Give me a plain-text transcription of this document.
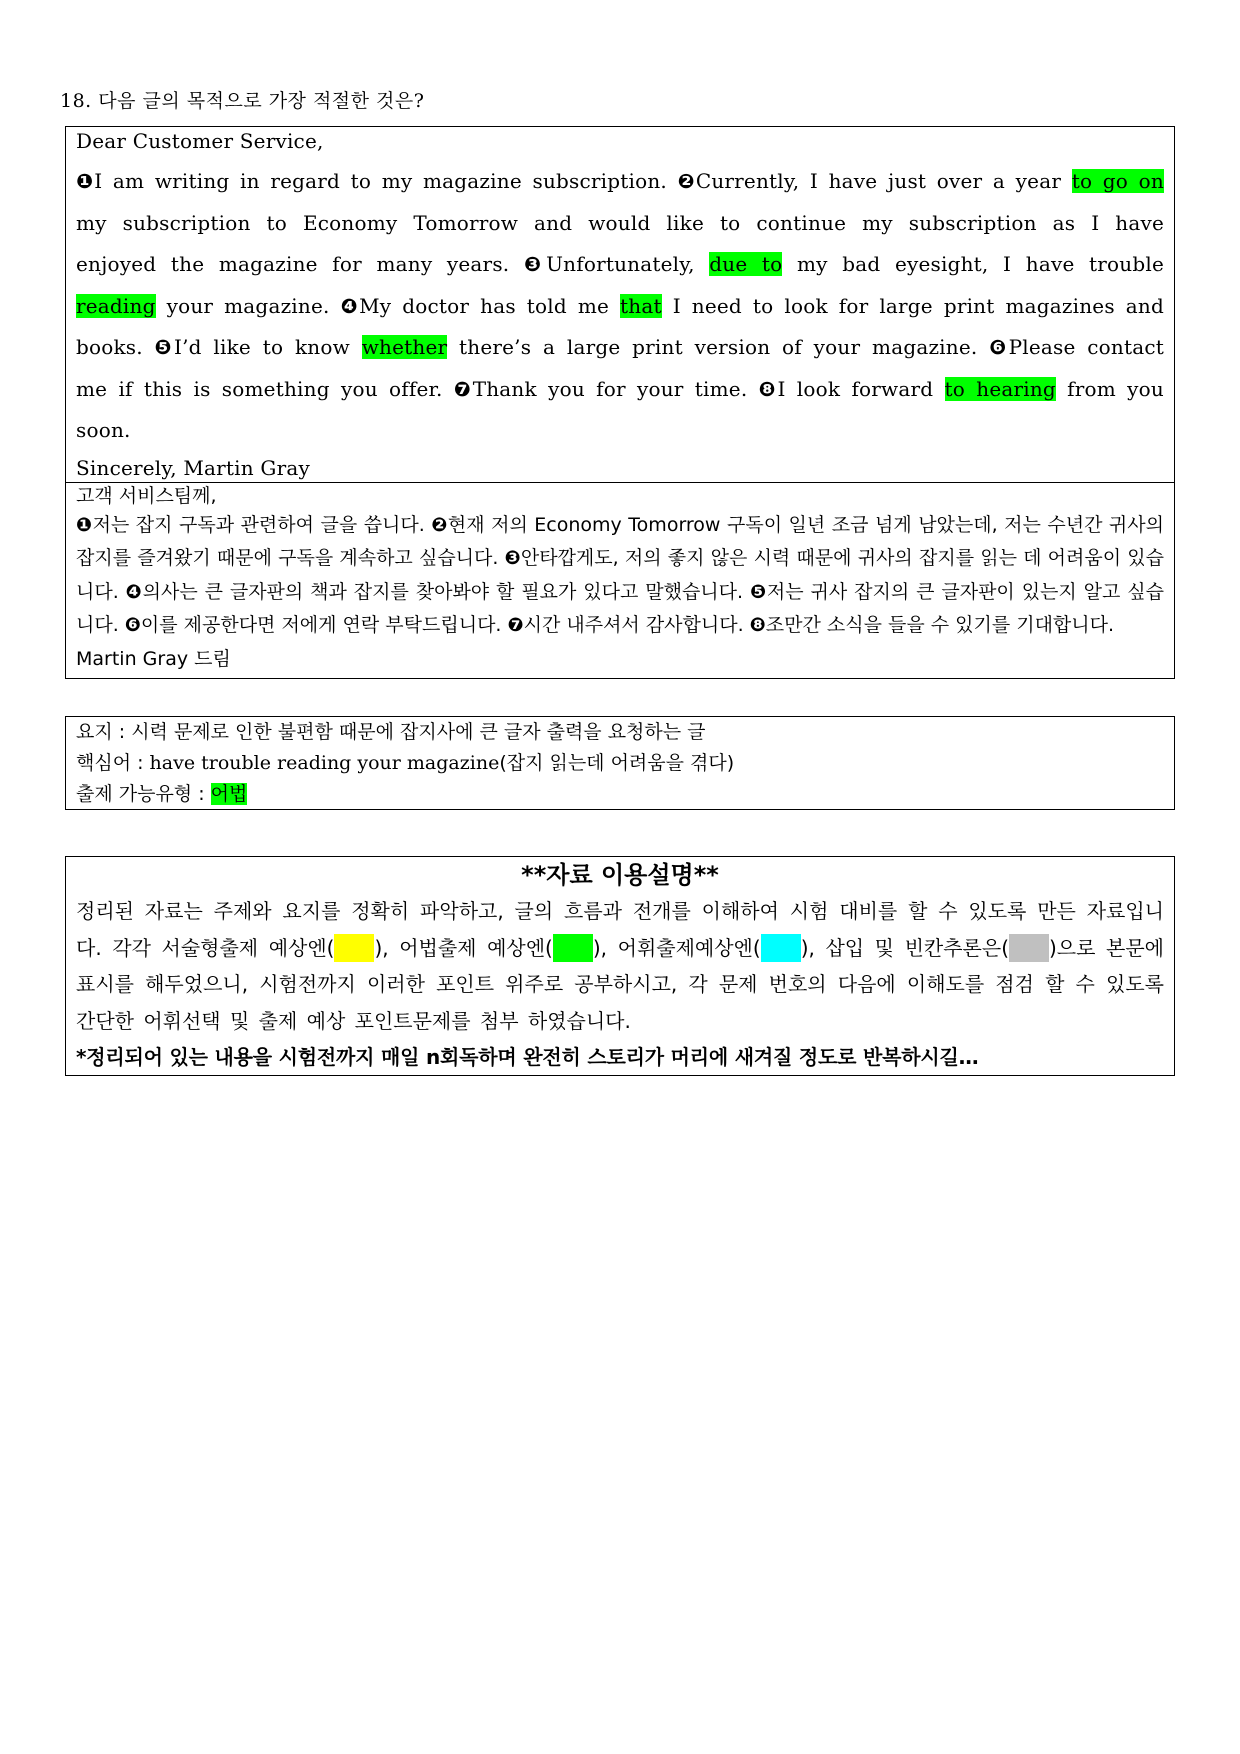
18. 다음 글의 목적으로 가장 적절한 것은?
Dear Customer Service,
❶I am writing in regard to my magazine subscription. ❷Currently, I have just over a year to go on my subscription to Economy Tomorrow and would like to continue my subscription as I have enjoyed the magazine for many years. ❸Unfortunately, due to my bad eyesight, I have trouble reading your magazine. ❹My doctor has told me that I need to look for large print magazines and books. ❺I’d like to know whether there’s a large print version of your magazine. ❻Please contact me if this is something you offer. ❼Thank you for your time. ❽I look forward to hearing from you soon.
Sincerely, Martin Gray
고객 서비스팀께,
❶저는 잡지 구독과 관련하여 글을 씁니다. ❷현재 저의 Economy Tomorrow 구독이 일년 조금 넘게 남았는데, 저는 수년간 귀사의 잡지를 즐겨왔기 때문에 구독을 계속하고 싶습니다. ❸안타깝게도, 저의 좋지 않은 시력 때문에 귀사의 잡지를 읽는 데 어려움이 있습니다. ❹의사는 큰 글자판의 책과 잡지를 찾아봐야 할 필요가 있다고 말했습니다. ❺저는 귀사 잡지의 큰 글자판이 있는지 알고 싶습니다. ❻이를 제공한다면 저에게 연락 부탁드립니다. ❼시간 내주셔서 감사합니다. ❽조만간 소식을 들을 수 있기를 기대합니다.
Martin Gray 드림
요지 : 시력 문제로 인한 불편함 때문에 잡지사에 큰 글자 출력을 요청하는 글
핵심어 : have trouble reading your magazine(잡지 읽는데 어려움을 겪다)
출제 가능유형 : 어법
**자료 이용설명**
정리된 자료는 주제와 요지를 정확히 파악하고, 글의 흐름과 전개를 이해하여 시험 대비를 할 수 있도록 만든 자료입니다. 각각 서술형출제 예상엔( ), 어법출제 예상엔( ), 어휘출제예상엔( ), 삽입 및 빈칸추론은( )으로 본문에 표시를 해두었으니, 시험전까지 이러한 포인트 위주로 공부하시고, 각 문제 번호의 다음에 이해도를 점검 할 수 있도록 간단한 어휘선택 및 출제 예상 포인트문제를 첨부 하였습니다.
*정리되어 있는 내용을 시험전까지 매일 n회독하며 완전히 스토리가 머리에 새겨질 정도로 반복하시길…
